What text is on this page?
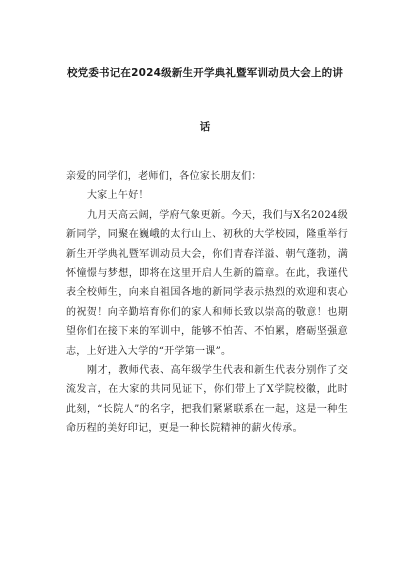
校党委书记在2024级新生开学典礼暨军训动员大会上的讲
话

亲爱的同学们，老师们，各位家长朋友们：

大家上午好！

九月天高云阔，学府气象更新。今天，我们与X名2024级新同学，同聚在巍峨的太行山上、初秋的大学校园，隆重举行新生开学典礼暨军训动员大会，你们青春洋溢、朝气蓬勃，满怀憧憬与梦想，即将在这里开启人生新的篇章。在此，我谨代表全校师生，向来自祖国各地的新同学表示热烈的欢迎和衷心的祝贺！向辛勤培育你们的家人和师长致以崇高的敬意！也期望你们在接下来的军训中，能够不怕苦、不怕累，磨砺坚强意志，上好进入大学的“开学第一课”。

刚才，教师代表、高年级学生代表和新生代表分别作了交流发言，在大家的共同见证下，你们带上了X学院校徽，此时此刻，“长院人”的名字，把我们紧紧联系在一起，这是一种生命历程的美好印记，更是一种长院精神的薪火传承。
